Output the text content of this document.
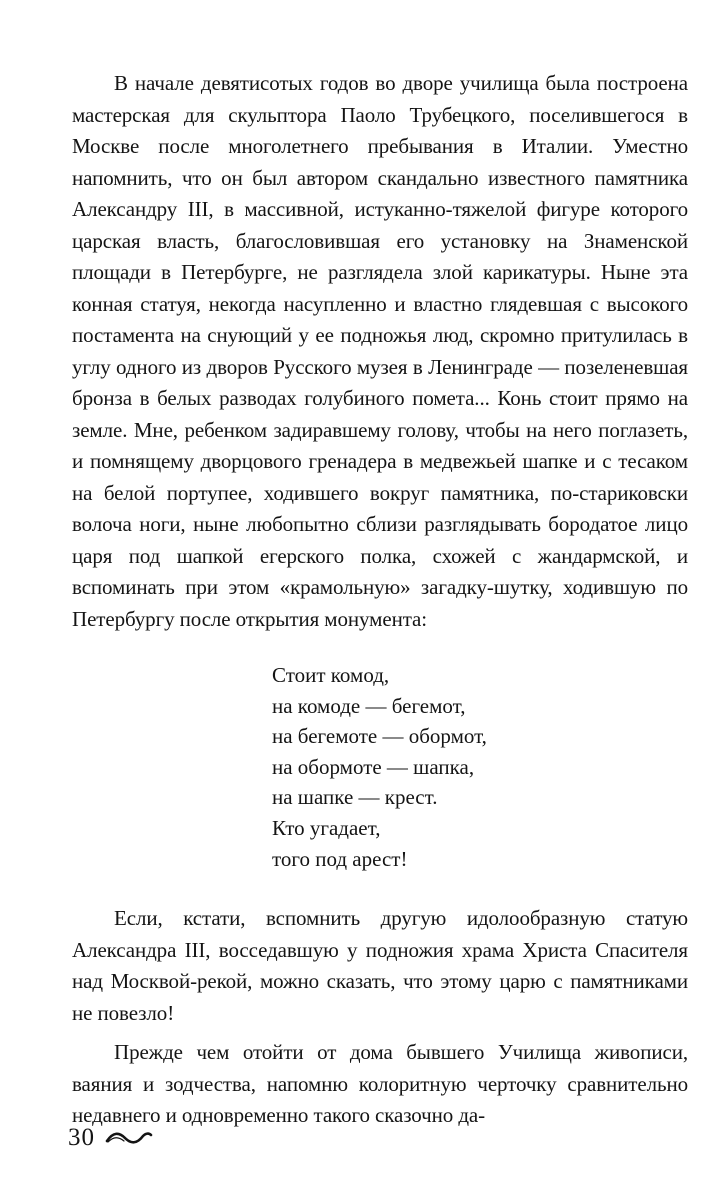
В начале девятисотых годов во дворе училища была построена мастерская для скульптора Паоло Трубецкого, поселившегося в Москве после многолетнего пребывания в Италии. Уместно напомнить, что он был автором скандально известного памятника Александру III, в массивной, истуканно-тяжелой фигуре которого царская власть, благословившая его установку на Знаменской площади в Петербурге, не разглядела злой карикатуры. Ныне эта конная статуя, некогда насупленно и властно глядевшая с высокого постамента на снующий у ее подножья люд, скромно притулилась в углу одного из дворов Русского музея в Ленинграде — позеленевшая бронза в белых разводах голубиного помета... Конь стоит прямо на земле. Мне, ребенком задиравшему голову, чтобы на него поглазеть, и помнящему дворцового гренадера в медвежьей шапке и с тесаком на белой портупее, ходившего вокруг памятника, по-стариковски волоча ноги, ныне любопытно сблизи разглядывать бородатое лицо царя под шапкой егерского полка, схожей с жандармской, и вспоминать при этом «крамольную» загадку-шутку, ходившую по Петербургу после открытия монумента:

Стоит комод,
на комоде — бегемот,
на бегемоте — обормот,
на обормоте — шапка,
на шапке — крест.
Кто угадает,
того под арест!

Если, кстати, вспомнить другую идолообразную статую Александра III, восседавшую у подножия храма Христа Спасителя над Москвой-рекой, можно сказать, что этому царю с памятниками не повезло!

Прежде чем отойти от дома бывшего Училища живописи, ваяния и зодчества, напомню колоритную черточку сравнительно недавнего и одновременно такого сказочно да-

30
